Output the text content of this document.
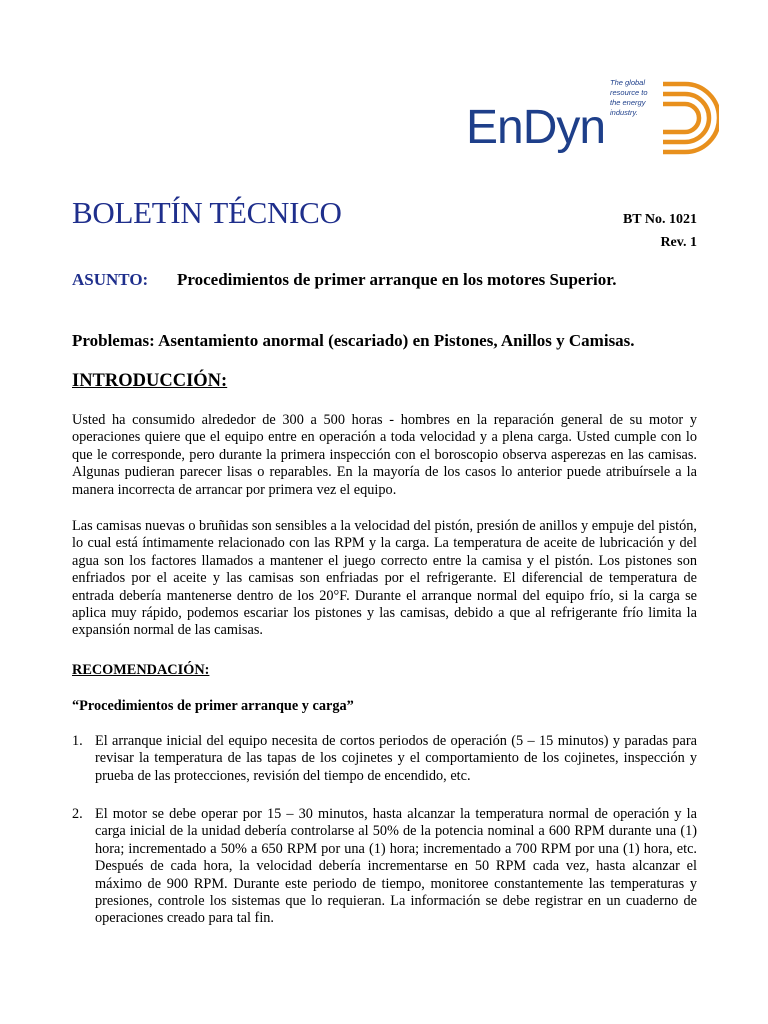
The global
resource to
the energy
industry.
EnDyn
BOLETÍN TÉCNICO	BT No. 1021
Rev. 1
ASUNTO: Procedimientos de primer arranque en los motores Superior.
Problemas: Asentamiento anormal (escariado) en Pistones, Anillos y Camisas.
INTRODUCCIÓN:
Usted ha consumido alrededor de 300 a 500 horas - hombres en la reparación general de su motor y operaciones quiere que el equipo entre en operación a toda velocidad y a plena carga. Usted cumple con lo que le corresponde, pero durante la primera inspección con el boroscopio observa asperezas en las camisas. Algunas pudieran parecer lisas o reparables. En la mayoría de los casos lo anterior puede atribuírsele a la manera incorrecta de arrancar por primera vez el equipo.
Las camisas nuevas o bruñidas son sensibles a la velocidad del pistón, presión de anillos y empuje del pistón, lo cual está íntimamente relacionado con las RPM y la carga. La temperatura de aceite de lubricación y del agua son los factores llamados a mantener el juego correcto entre la camisa y el pistón. Los pistones son enfriados por el aceite y las camisas son enfriadas por el refrigerante. El diferencial de temperatura de entrada debería mantenerse dentro de los 20°F. Durante el arranque normal del equipo frío, si la carga se aplica muy rápido, podemos escariar los pistones y las camisas, debido a que al refrigerante frío limita la expansión normal de las camisas.
RECOMENDACIÓN:
“Procedimientos de primer arranque y carga”
1. El arranque inicial del equipo necesita de cortos periodos de operación (5 – 15 minutos) y paradas para revisar la temperatura de las tapas de los cojinetes y el comportamiento de los cojinetes, inspección y prueba de las protecciones, revisión del tiempo de encendido, etc.
2. El motor se debe operar por 15 – 30 minutos, hasta alcanzar la temperatura normal de operación y la carga inicial de la unidad debería controlarse al 50% de la potencia nominal a 600 RPM durante una (1) hora; incrementado a 50% a 650 RPM por una (1) hora; incrementado a 700 RPM por una (1) hora, etc. Después de cada hora, la velocidad debería incrementarse en 50 RPM cada vez, hasta alcanzar el máximo de 900 RPM. Durante este periodo de tiempo, monitoree constantemente las temperaturas y presiones, controle los sistemas que lo requieran. La información se debe registrar en un cuaderno de operaciones creado para tal fin.
